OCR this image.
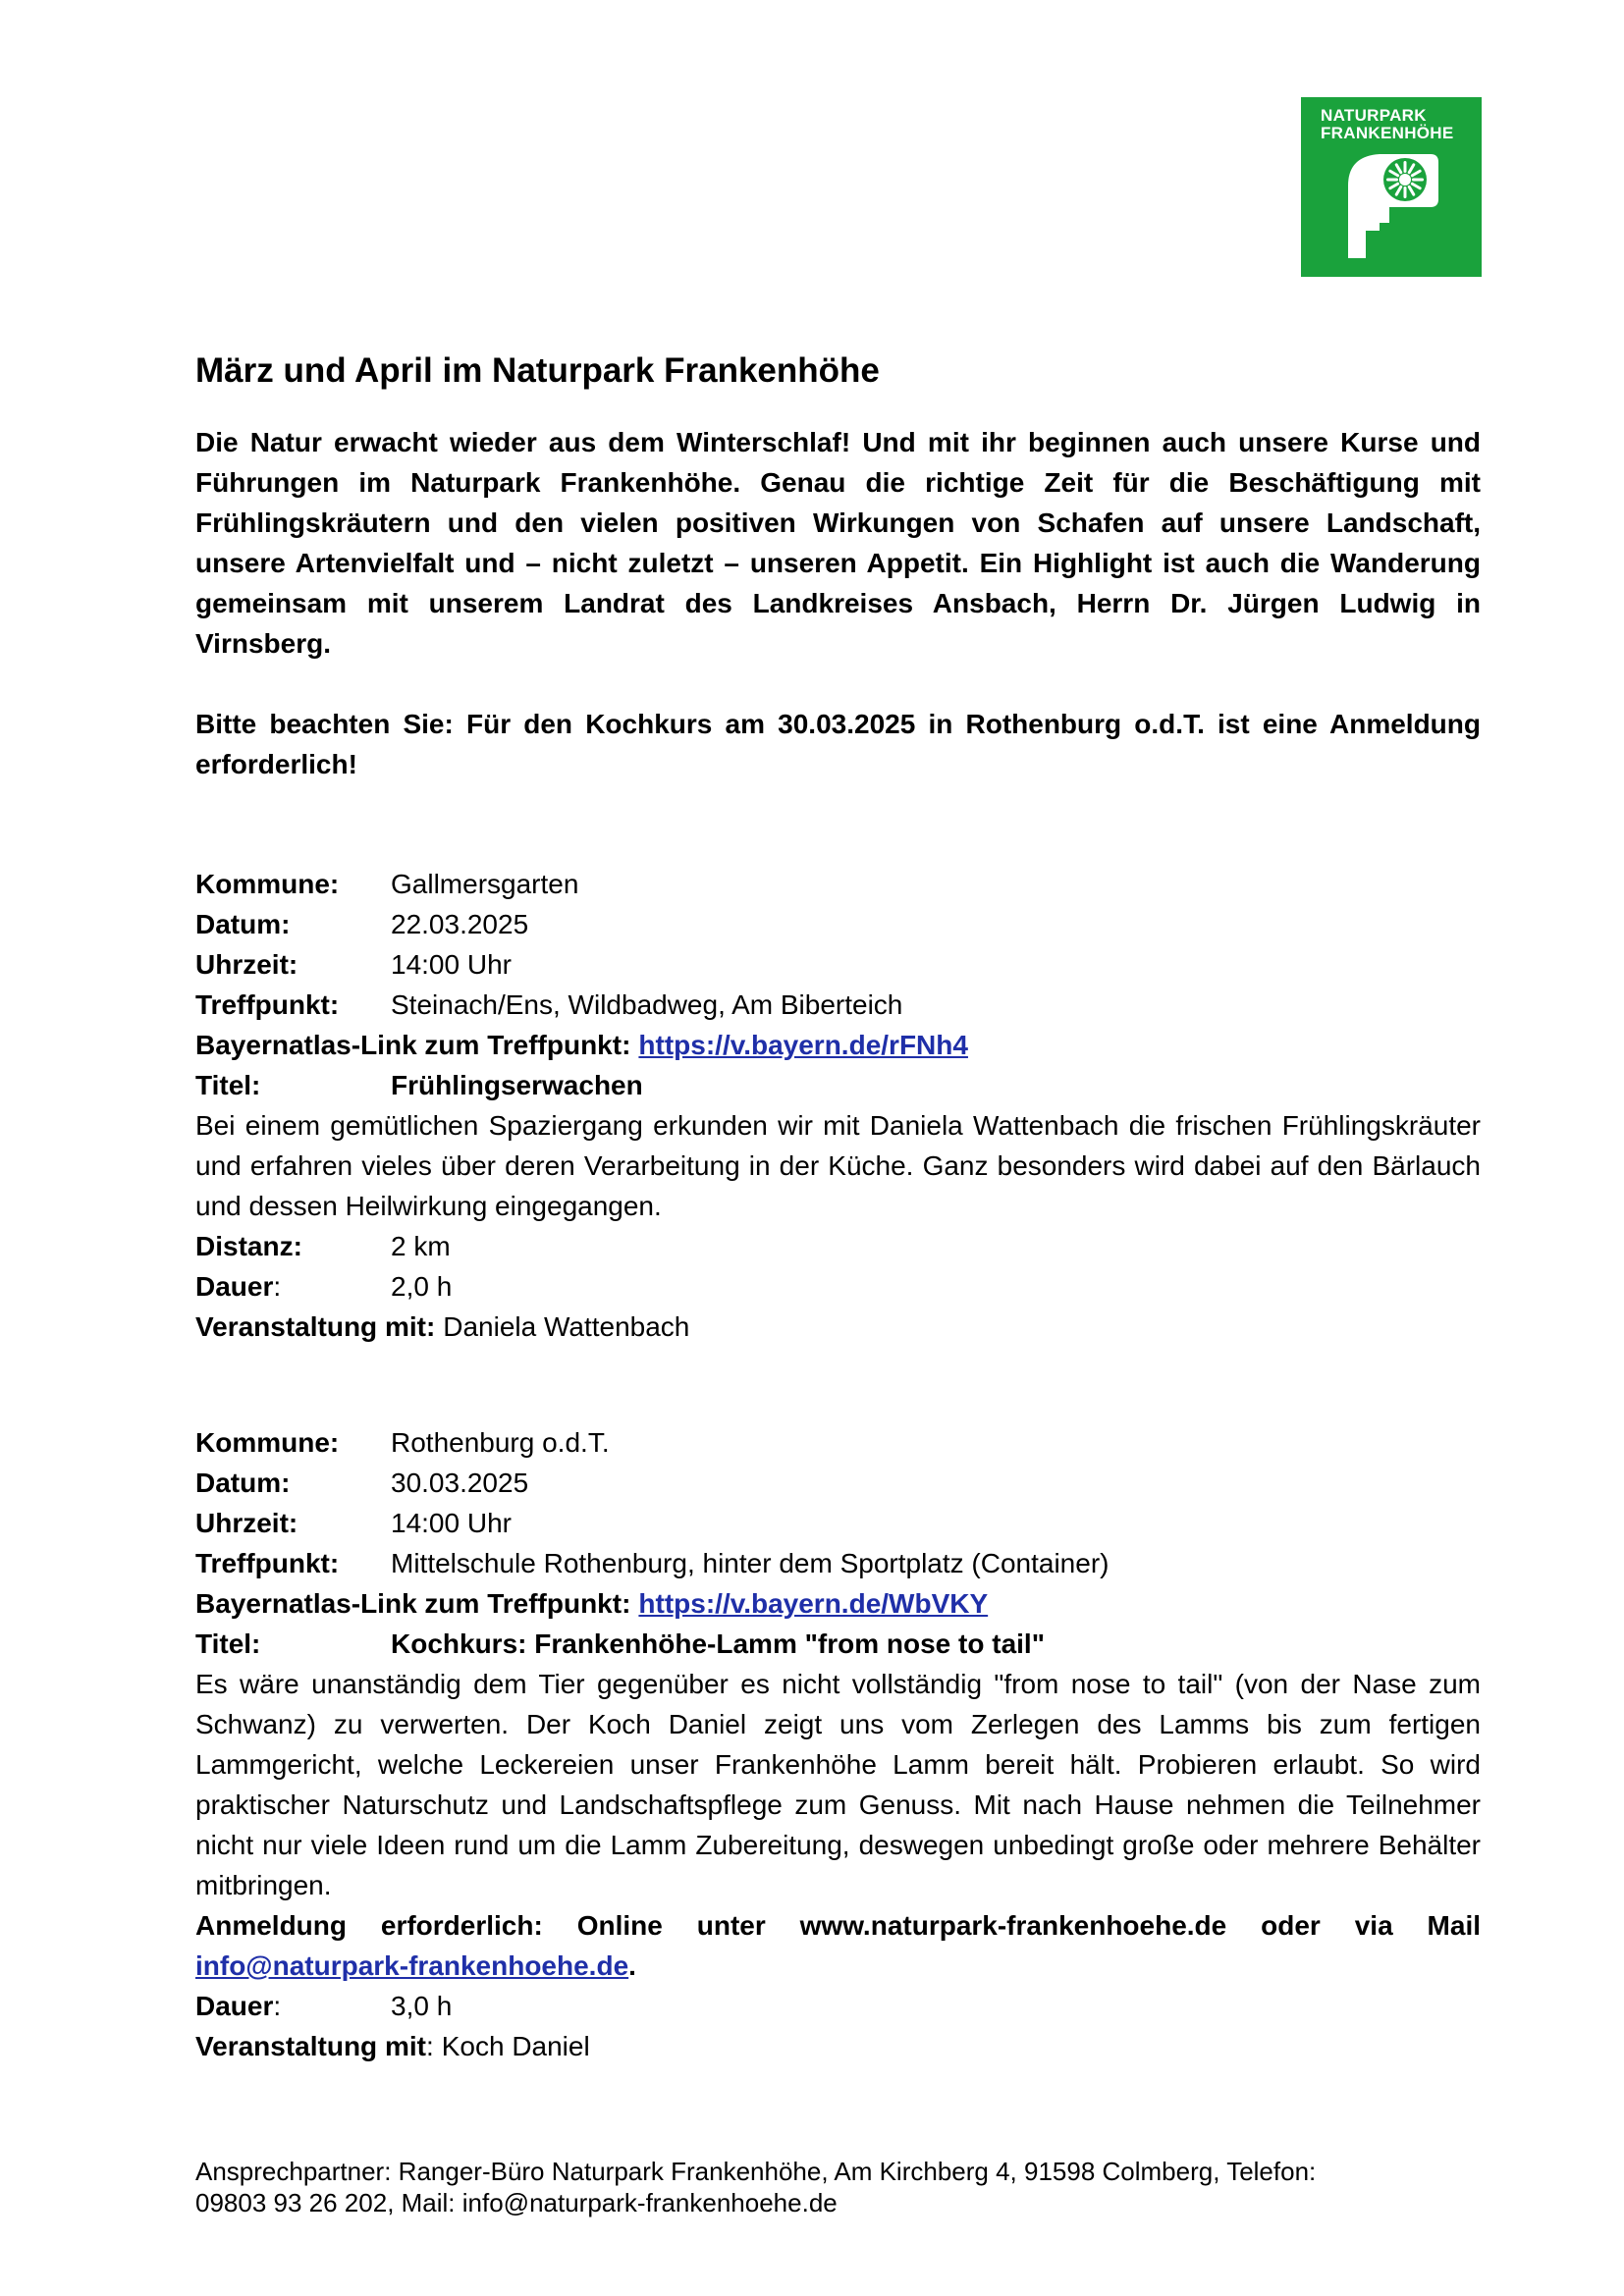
NATURPARK
FRANKENHÖHE
März und April im Naturpark Frankenhöhe

Die Natur erwacht wieder aus dem Winterschlaf! Und mit ihr beginnen auch unsere Kurse und Führungen im Naturpark Frankenhöhe. Genau die richtige Zeit für die Beschäftigung mit Frühlingskräutern und den vielen positiven Wirkungen von Schafen auf unsere Landschaft, unsere Artenvielfalt und – nicht zuletzt – unseren Appetit. Ein Highlight ist auch die Wanderung gemeinsam mit unserem Landrat des Landkreises Ansbach, Herrn Dr. Jürgen Ludwig in Virnsberg.

Bitte beachten Sie: Für den Kochkurs am 30.03.2025 in Rothenburg o.d.T. ist eine Anmeldung erforderlich!

Kommune:	Gallmersgarten
Datum:	22.03.2025
Uhrzeit:	14:00 Uhr
Treffpunkt:	Steinach/Ens, Wildbadweg, Am Biberteich
Bayernatlas-Link zum Treffpunkt: https://v.bayern.de/rFNh4
Titel:	Frühlingserwachen

Bei einem gemütlichen Spaziergang erkunden wir mit Daniela Wattenbach die frischen Frühlingskräuter und erfahren vieles über deren Verarbeitung in der Küche. Ganz besonders wird dabei auf den Bärlauch und dessen Heilwirkung eingegangen.

Distanz:	2 km
Dauer:	2,0 h
Veranstaltung mit: Daniela Wattenbach
Kommune:	Rothenburg o.d.T.
Datum:	30.03.2025
Uhrzeit:	14:00 Uhr
Treffpunkt:	Mittelschule Rothenburg, hinter dem Sportplatz (Container)
Bayernatlas-Link zum Treffpunkt: https://v.bayern.de/WbVKY
Titel:	Kochkurs: Frankenhöhe-Lamm "from nose to tail"

Es wäre unanständig dem Tier gegenüber es nicht vollständig "from nose to tail" (von der Nase zum Schwanz) zu verwerten. Der Koch Daniel zeigt uns vom Zerlegen des Lamms bis zum fertigen Lammgericht, welche Leckereien unser Frankenhöhe Lamm bereit hält. Probieren erlaubt. So wird praktischer Naturschutz und Landschaftspflege zum Genuss. Mit nach Hause nehmen die Teilnehmer nicht nur viele Ideen rund um die Lamm Zubereitung, deswegen unbedingt große oder mehrere Behälter mitbringen.

Anmeldung erforderlich: Online unter www.naturpark-frankenhoehe.de oder via Mail info@naturpark-frankenhoehe.de.

Dauer:	3,0 h
Veranstaltung mit: Koch Daniel
Ansprechpartner: Ranger-Büro Naturpark Frankenhöhe, Am Kirchberg 4, 91598 Colmberg, Telefon:
09803 93 26 202, Mail: info@naturpark-frankenhoehe.de
